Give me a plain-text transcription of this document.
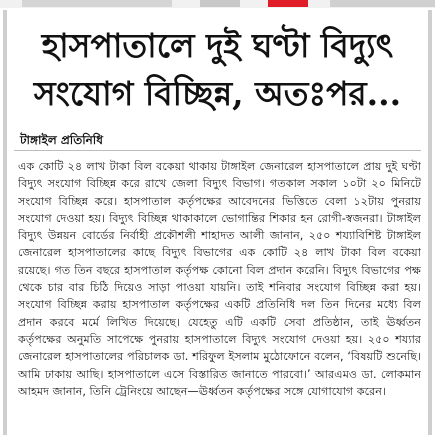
হাসপাতালে দুই ঘণ্টা বিদ্যুৎ

সংযোগ বিচ্ছিন্ন, অতঃপর...

টাঙ্গাইল প্রতিনিধি

এক কোটি ২৪ লাখ টাকা বিল বকেয়া থাকায় টাঙ্গাইল জেনারেল হাসপাতালে প্রায় দুই ঘণ্টা বিদ্যুৎ সংযোগ বিচ্ছিন্ন করে রাখে জেলা বিদ্যুৎ বিভাগ। গতকাল সকাল ১০টা ২০ মিনিটে সংযোগ বিচ্ছিন্ন করে। হাসপাতাল কর্তৃপক্ষের আবেদনের ভিত্তিতে বেলা ১২টায় পুনরায় সংযোগ দেওয়া হয়। বিদ্যুৎ বিচ্ছিন্ন থাকাকালে ভোগান্তির শিকার হন রোগী-স্বজনরা। টাঙ্গাইল বিদ্যুৎ উন্নয়ন বোর্ডের নির্বাহী প্রকৌশলী শাহাদত আলী জানান, ২৫০ শয্যাবিশিষ্ট টাঙ্গাইল জেনারেল হাসপাতালের কাছে বিদ্যুৎ বিভাগের এক কোটি ২৪ লাখ টাকা বিল বকেয়া রয়েছে। গত তিন বছরে হাসপাতাল কর্তৃপক্ষ কোনো বিল প্রদান করেনি। বিদ্যুৎ বিভাগের পক্ষ থেকে চার বার চিঠি দিয়েও সাড়া পাওয়া যায়নি। তাই শনিবার সংযোগ বিচ্ছিন্ন করা হয়। সংযোগ বিচ্ছিন্ন করায় হাসপাতাল কর্তৃপক্ষের একটি প্রতিনিধি দল তিন দিনের মধ্যে বিল প্রদান করবে মর্মে লিখিত দিয়েছে। যেহেতু এটি একটি সেবা প্রতিষ্ঠান, তাই ঊর্ধ্বতন কর্তৃপক্ষের অনুমতি সাপেক্ষে পুনরায় হাসপাতালে বিদ্যুৎ সংযোগ দেওয়া হয়। ২৫০ শয্যার জেনারেল হাসপাতালের পরিচালক ডা. শরিফুল ইসলাম মুঠোফোনে বলেন, ‘বিষয়টি শুনেছি। আমি ঢাকায় আছি। হাসপাতালে এসে বিস্তারিত জানাতে পারবো।’ আরএমও ডা. লোকমান আহমদ জানান, তিনি ট্রেনিংয়ে আছেন—ঊর্ধ্বতন কর্তৃপক্ষের সঙ্গে যোগাযোগ করেন।
